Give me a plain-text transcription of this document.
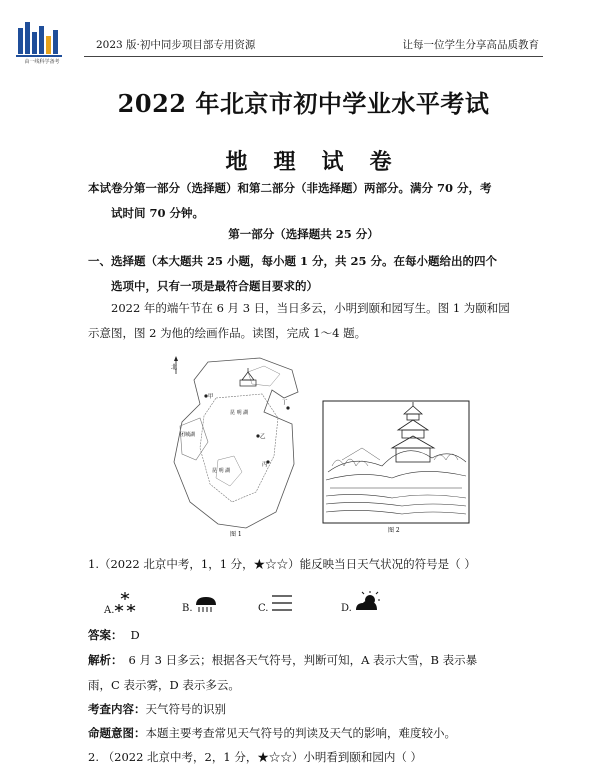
由一线科学备考
2023 版·初中同步项目部专用资源	让每一位学生分享高品质教育
2022 年北京市初中学业水平考试
地理试卷
本试卷分第一部分（选择题）和第二部分（非选择题）两部分。满分 70 分，考
试时间 70 分钟。
第一部分（选择题共 25 分）
一、选择题（本大题共 25 小题，每小题 1 分，共 25 分。在每小题给出的四个
选项中，只有一项是最符合题目要求的）
2022 年的端午节在 6 月 3 日，当日多云，小明到颐和园写生。图 1 为颐和园
示意图，图 2 为他的绘画作品。读图，完成 1～4 题。
北
甲
丁
乙
丙
昆 明 湖
昆 明 湖
团城湖
图 1
图 2
1.（2022 北京中考，1，1 分，★☆☆）能反映当日天气状况的符号是（ ）
A.	B.	C.	D.
答案： D
解析： 6 月 3 日多云；根据各天气符号，判断可知，A 表示大雪，B 表示暴
雨，C 表示雾，D 表示多云。
考查内容：天气符号的识别
命题意图：本题主要考查常见天气符号的判读及天气的影响，难度较小。
2. （2022 北京中考，2，1 分，★☆☆）小明看到颐和园内（ ）
